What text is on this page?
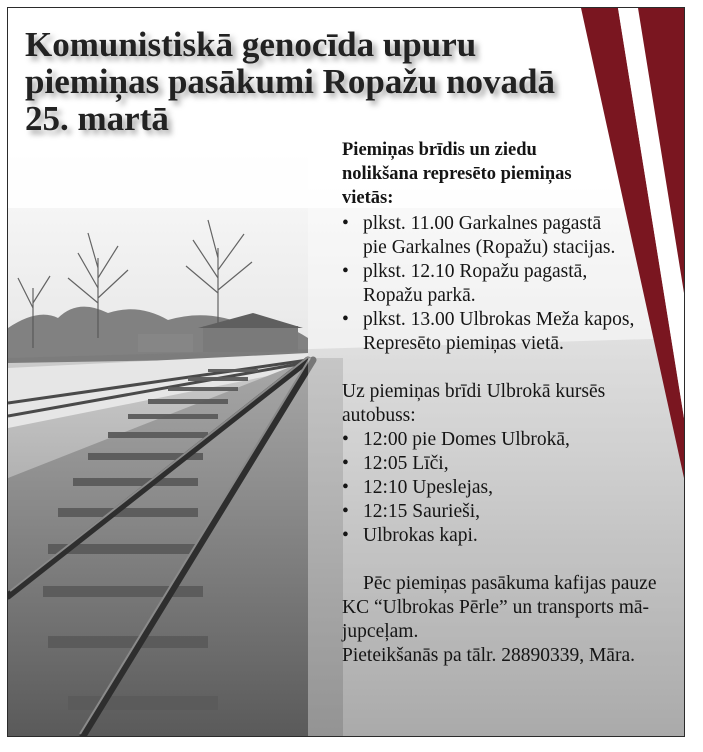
Komunistiskā genocīda upuru
piemiņas pasākumi Ropažu novadā
25. martā
Piemiņas brīdis un ziedu
nolikšana represēto piemiņas
vietās:
• plkst. 11.00 Garkalnes pagastā
pie Garkalnes (Ropažu) stacijas.
• plkst. 12.10 Ropažu pagastā,
Ropažu parkā.
• plkst. 13.00 Ulbrokas Meža kapos,
Represēto piemiņas vietā.

Uz piemiņas brīdi Ulbrokā kursēs
autobuss:

• 12:00 pie Domes Ulbrokā,
• 12:05 Līči,
• 12:10 Upeslejas,
• 12:15 Saurieši,
• Ulbrokas kapi.

Pēc piemiņas pasākuma kafijas pauze
KC “Ulbrokas Pērle” un transports mā-
jupceļam.
Pieteikšanās pa tālr. 28890339, Māra.
